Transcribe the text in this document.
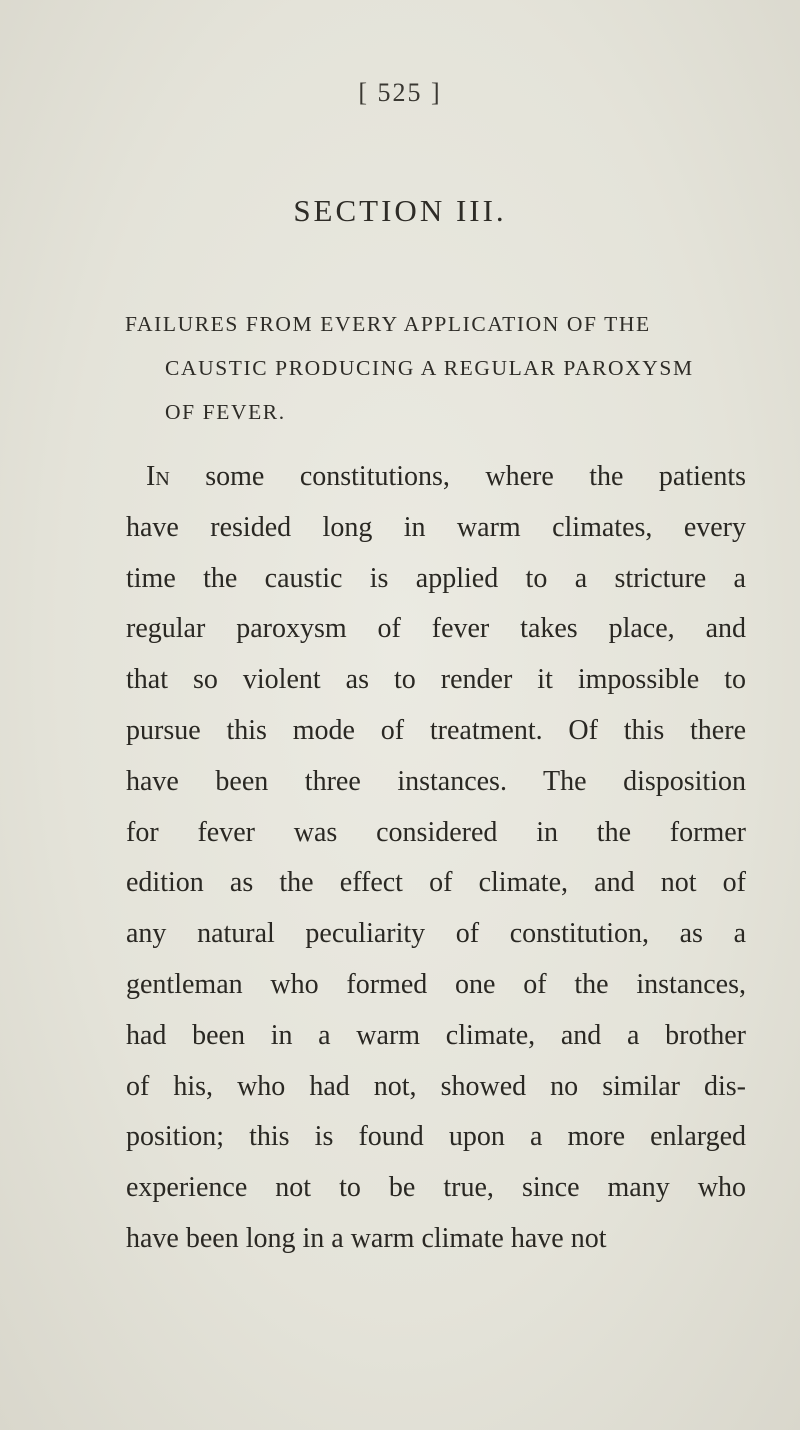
[ 525 ]
SECTION III.
FAILURES FROM EVERY APPLICATION OF THE
CAUSTIC PRODUCING A REGULAR PAROXYSM
OF FEVER.
In some constitutions, where the patients
have resided long in warm climates, every
time the caustic is applied to a stricture a
regular paroxysm of fever takes place, and
that so violent as to render it impossible to
pursue this mode of treatment. Of this there
have been three instances. The disposition
for fever was considered in the former
edition as the effect of climate, and not of
any natural peculiarity of constitution, as a
gentleman who formed one of the instances,
had been in a warm climate, and a brother
of his, who had not, showed no similar dis-
position; this is found upon a more enlarged
experience not to be true, since many who
have been long in a warm climate have not
